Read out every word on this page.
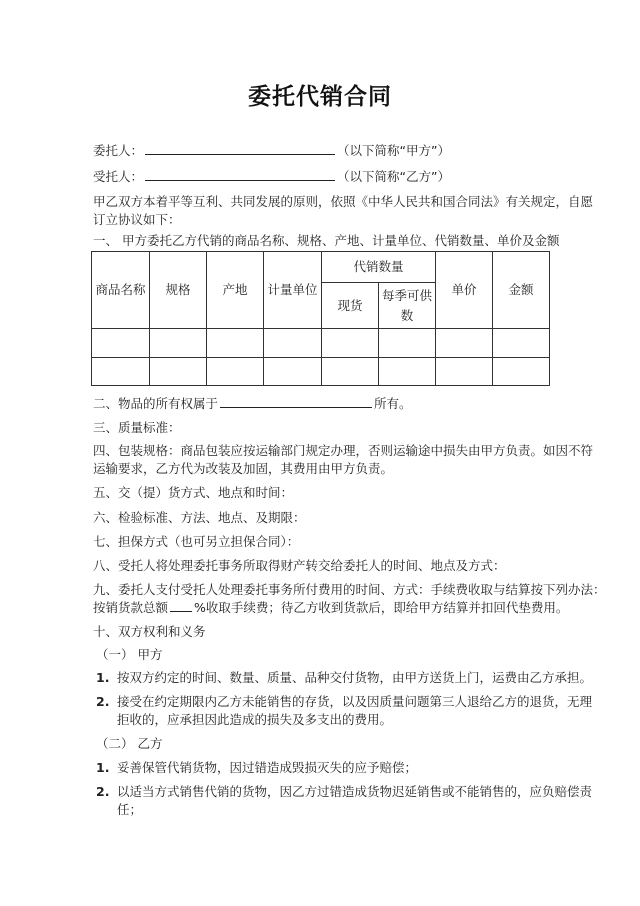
委托代销合同
委托人：	（以下简称“甲方”）
受托人：	（以下简称“乙方”）
甲乙双方本着平等互利、共同发展的原则，依照《中华人民共和国合同法》有关规定，自愿
订立协议如下：
一、 甲方委托乙方代销的商品名称、规格、产地、计量单位、代销数量、单价及金额
商品名称	规格	产地	计量单位	代销数量		单价	金额
				现货	每季可供
数		

二、物品的所有权属于	所有。
三、质量标准：
四、包装规格：商品包装应按运输部门规定办理，否则运输途中损失由甲方负责。如因不符
运输要求，乙方代为改装及加固，其费用由甲方负责。
五、交（提）货方式、地点和时间：
六、检验标准、方法、地点、及期限：
七、担保方式（也可另立担保合同）：
八、受托人将处理委托事务所取得财产转交给委托人的时间、地点及方式：
九、委托人支付受托人处理委托事务所付费用的时间、方式：手续费收取与结算按下列办法：
按销货款总额 %收取手续费；待乙方收到货款后，即给甲方结算并扣回代垫费用。
十、双方权利和义务
（一） 甲方
1. 按双方约定的时间、数量、质量、品种交付货物，由甲方送货上门，运费由乙方承担。
2. 接受在约定期限内乙方未能销售的存货，以及因质量问题第三人退给乙方的退货，无理
拒收的，应承担因此造成的损失及多支出的费用。
（二） 乙方
1. 妥善保管代销货物，因过错造成毁损灭失的应予赔偿；
2. 以适当方式销售代销的货物，因乙方过错造成货物迟延销售或不能销售的，应负赔偿责
任；
